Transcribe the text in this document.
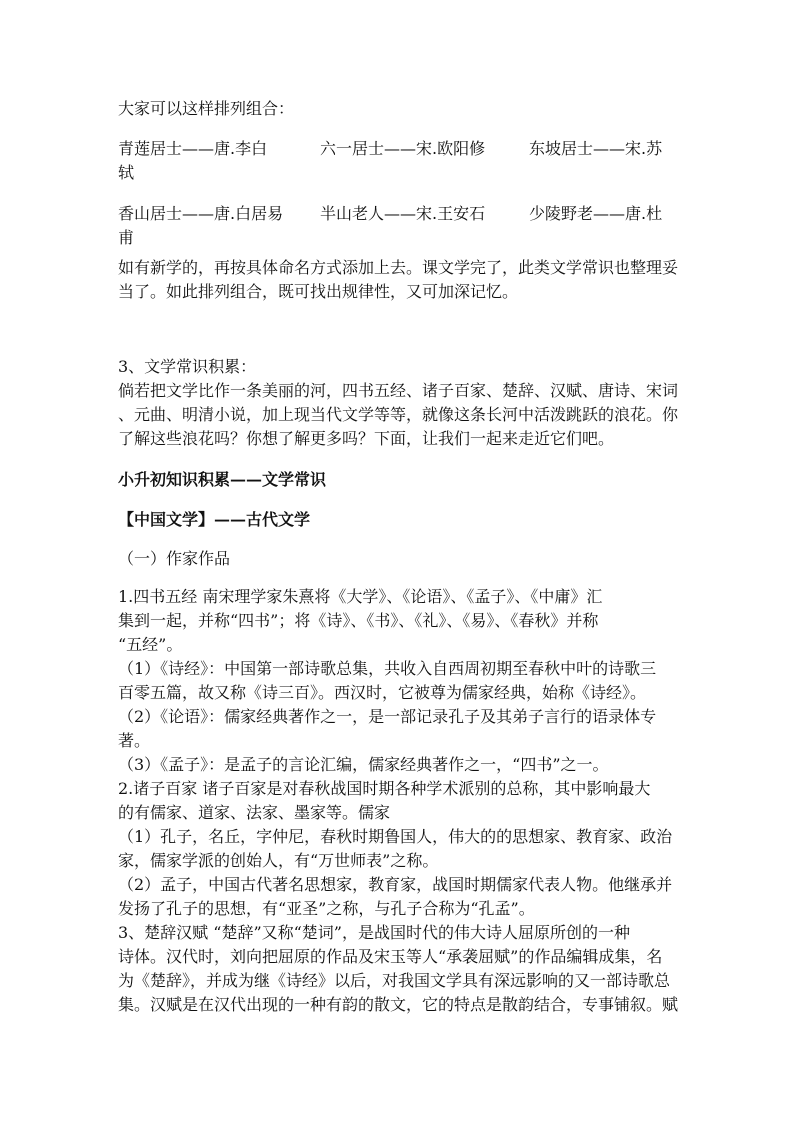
大家可以这样排列组合：
青莲居士——唐.李白	六一居士——宋.欧阳修	东坡居士——宋.苏
轼
香山居士——唐.白居易 半山老人——宋.王安石	少陵野老——唐.杜
甫
如有新学的，再按具体命名方式添加上去。课文学完了，此类文学常识也整理妥
当了。如此排列组合，既可找出规律性，又可加深记忆。
3、文学常识积累：
倘若把文学比作一条美丽的河，四书五经、诸子百家、楚辞、汉赋、唐诗、宋词
、元曲、明清小说，加上现当代文学等等，就像这条长河中活泼跳跃的浪花。你
了解这些浪花吗？你想了解更多吗？下面，让我们一起来走近它们吧。
小升初知识积累——文学常识
【中国文学】——古代文学
（一）作家作品
1.四书五经 南宋理学家朱熹将《大学》、《论语》、《孟子》、《中庸》汇
集到一起，并称“四书”；将《诗》、《书》、《礼》、《易》、《春秋》并称
“五经”。
（1）《诗经》：中国第一部诗歌总集，共收入自西周初期至春秋中叶的诗歌三
百零五篇，故又称《诗三百》。西汉时，它被尊为儒家经典，始称《诗经》。
（2）《论语》：儒家经典著作之一，是一部记录孔子及其弟子言行的语录体专
著。
（3）《孟子》：是孟子的言论汇编，儒家经典著作之一，“四书”之一。
2.诸子百家 诸子百家是对春秋战国时期各种学术派别的总称，其中影响最大
的有儒家、道家、法家、墨家等。儒家
（1）孔子，名丘，字仲尼，春秋时期鲁国人，伟大的的思想家、教育家、政治
家，儒家学派的创始人，有“万世师表”之称。
（2）孟子，中国古代著名思想家，教育家，战国时期儒家代表人物。他继承并
发扬了孔子的思想，有“亚圣”之称，与孔子合称为“孔孟”。
3、楚辞汉赋 “楚辞”又称“楚词”，是战国时代的伟大诗人屈原所创的一种
诗体。汉代时，刘向把屈原的作品及宋玉等人“承袭屈赋”的作品编辑成集，名
为《楚辞》，并成为继《诗经》以后，对我国文学具有深远影响的又一部诗歌总
集。汉赋是在汉代出现的一种有韵的散文，它的特点是散韵结合，专事铺叙。赋
